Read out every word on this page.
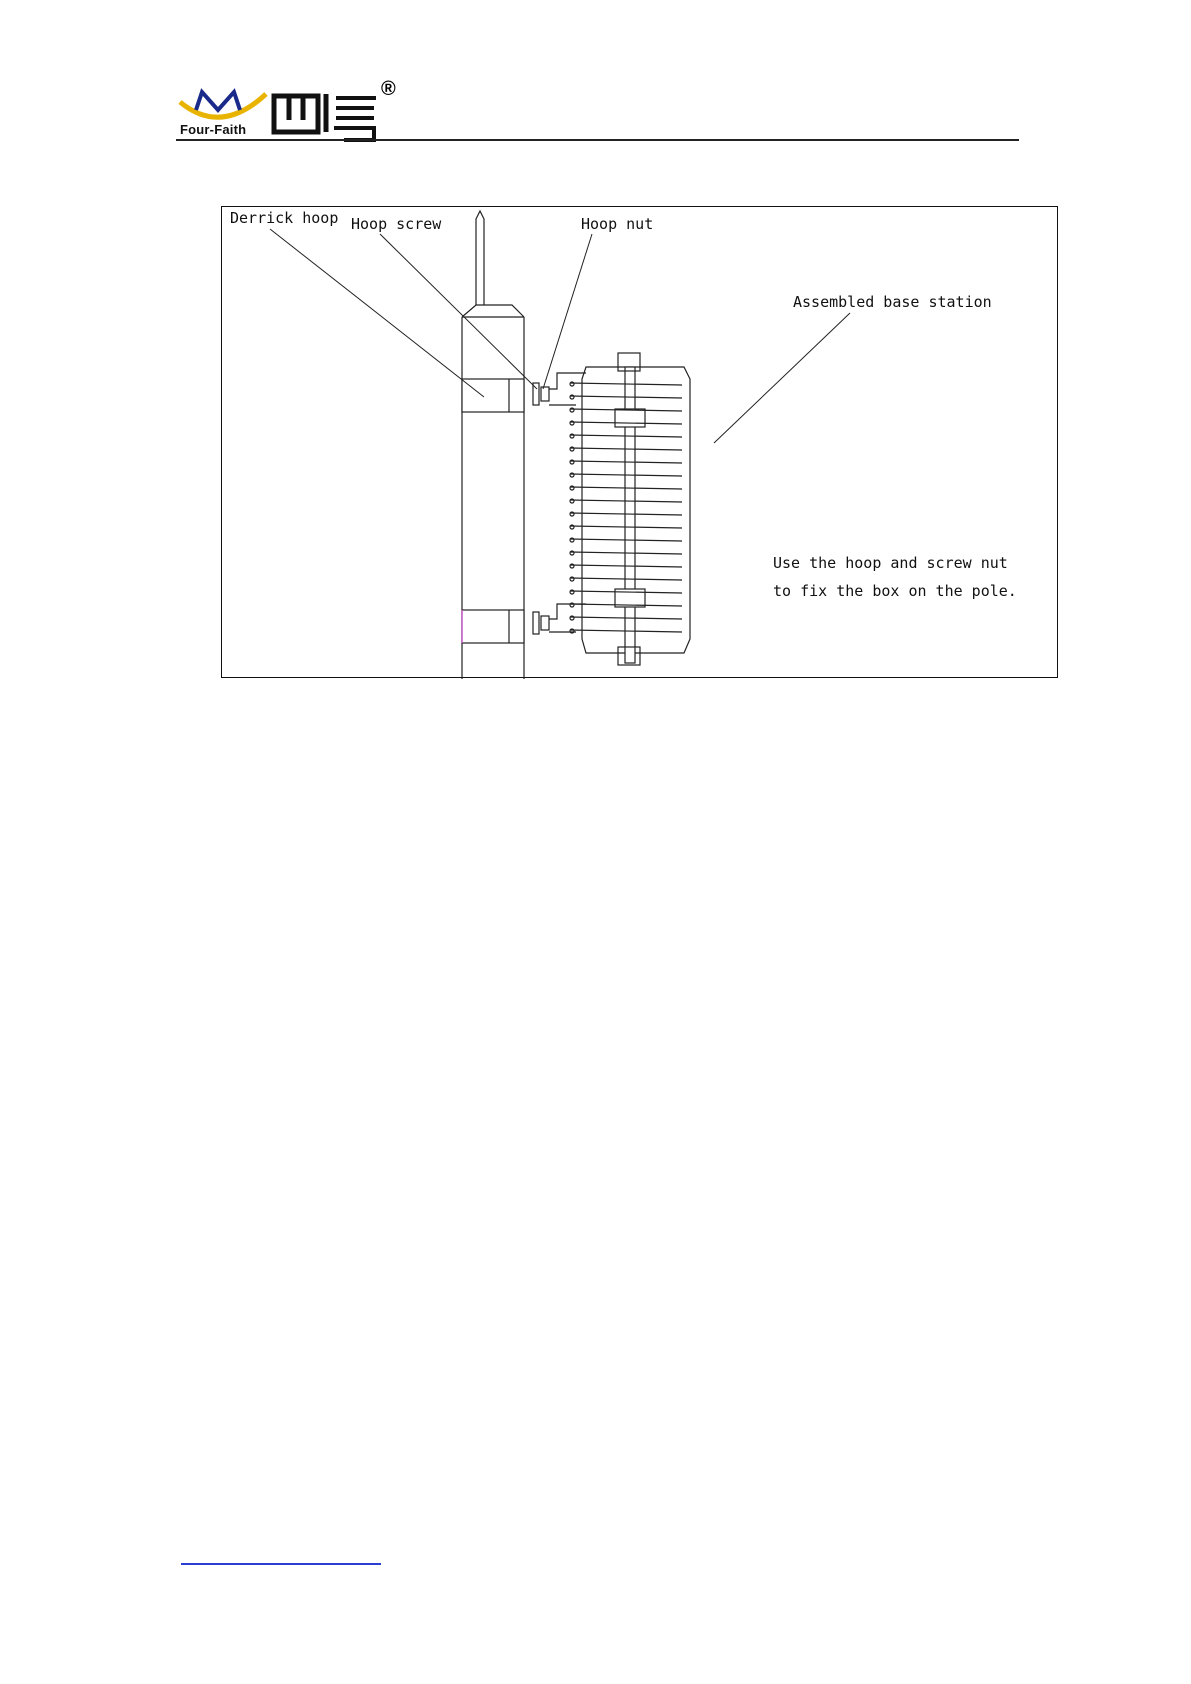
Four-Faith
®
Derrick hoop Hoop screw	Hoop nut
Assembled base station
Use the hoop and screw nut
to fix the box on the pole.
